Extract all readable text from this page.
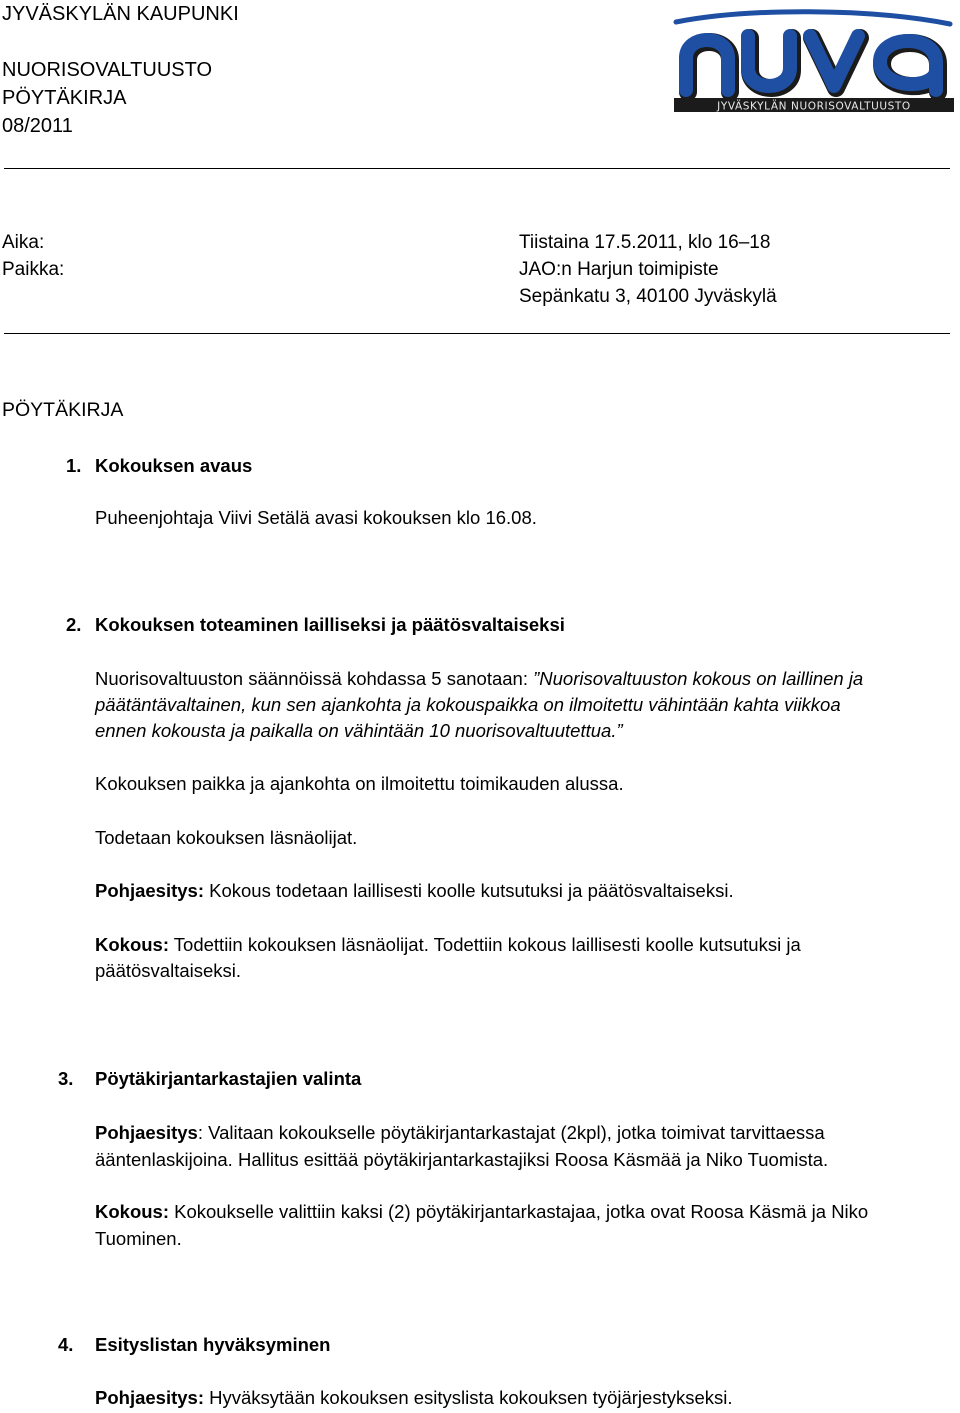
JYVÄSKYLÄN KAUPUNKI
NUORISOVALTUUSTO
PÖYTÄKIRJA
08/2011
JYVÄSKYLÄN NUORISOVALTUUSTO
Aika:	Tiistaina 17.5.2011, klo 16–18
Paikka:	JAO:n Harjun toimipiste
Sepänkatu 3, 40100 Jyväskylä
PÖYTÄKIRJA
1. Kokouksen avaus
Puheenjohtaja Viivi Setälä avasi kokouksen klo 16.08.
2. Kokouksen toteaminen lailliseksi ja päätösvaltaiseksi
Nuorisovaltuuston säännöissä kohdassa 5 sanotaan: ”Nuorisovaltuuston kokous on laillinen ja
päätäntävaltainen, kun sen ajankohta ja kokouspaikka on ilmoitettu vähintään kahta viikkoa
ennen kokousta ja paikalla on vähintään 10 nuorisovaltuutettua.”
Kokouksen paikka ja ajankohta on ilmoitettu toimikauden alussa.
Todetaan kokouksen läsnäolijat.
Pohjaesitys: Kokous todetaan laillisesti koolle kutsutuksi ja päätösvaltaiseksi.
Kokous: Todettiin kokouksen läsnäolijat. Todettiin kokous laillisesti koolle kutsutuksi ja
päätösvaltaiseksi.
3. Pöytäkirjantarkastajien valinta
Pohjaesitys: Valitaan kokoukselle pöytäkirjantarkastajat (2kpl), jotka toimivat tarvittaessa
ääntenlaskijoina. Hallitus esittää pöytäkirjantarkastajiksi Roosa Käsmää ja Niko Tuomista.
Kokous: Kokoukselle valittiin kaksi (2) pöytäkirjantarkastajaa, jotka ovat Roosa Käsmä ja Niko
Tuominen.
4. Esityslistan hyväksyminen
Pohjaesitys: Hyväksytään kokouksen esityslista kokouksen työjärjestykseksi.
